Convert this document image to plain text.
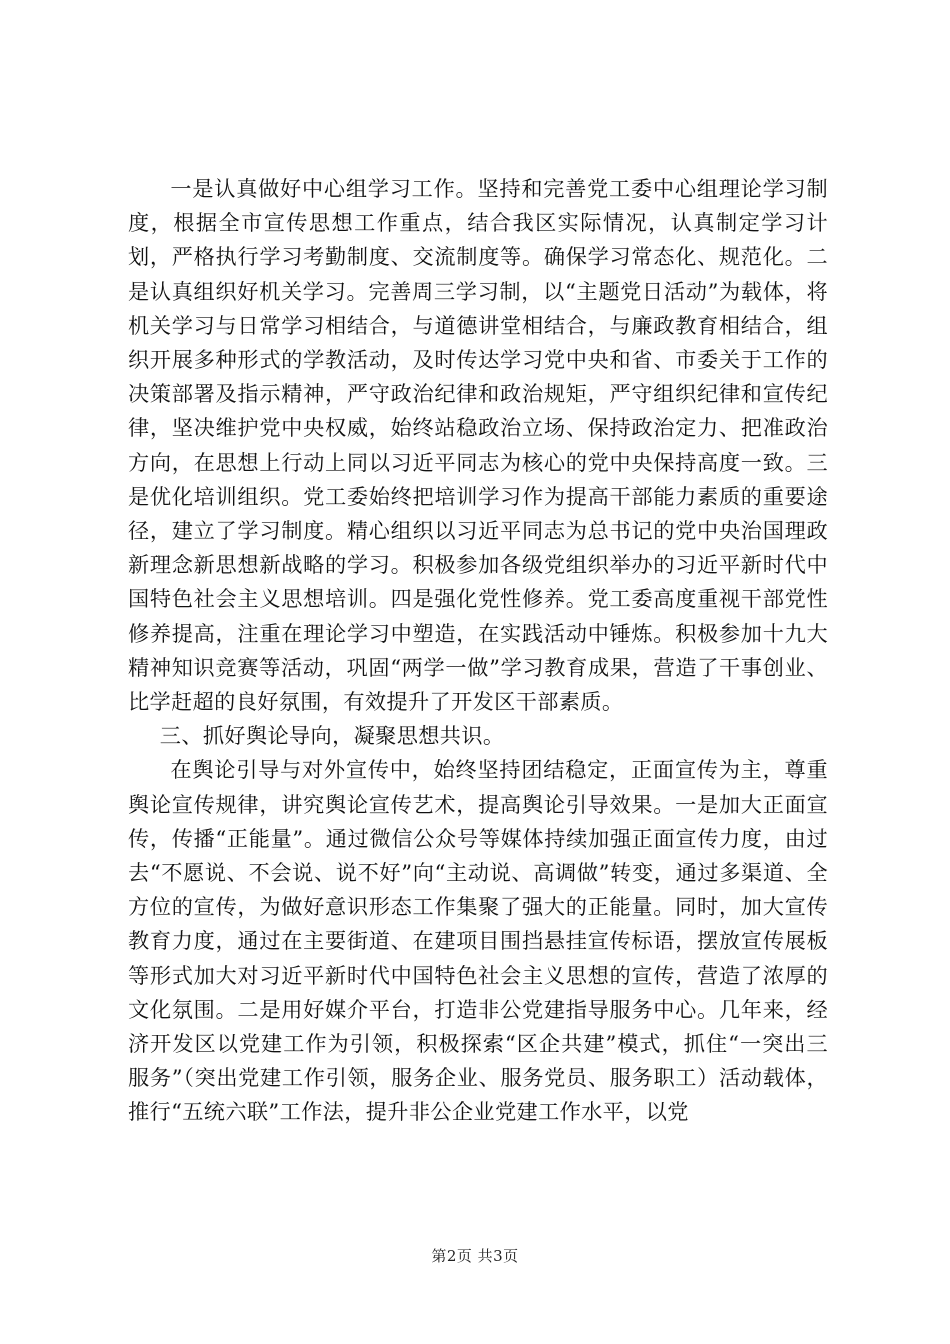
一是认真做好中心组学习工作。坚持和完善党工委中心组理论学习制度，根据全市宣传思想工作重点，结合我区实际情况，认真制定学习计划，严格执行学习考勤制度、交流制度等。确保学习常态化、规范化。二是认真组织好机关学习。完善周三学习制，以“主题党日活动”为载体，将机关学习与日常学习相结合，与道德讲堂相结合，与廉政教育相结合，组织开展多种形式的学教活动，及时传达学习党中央和省、市委关于工作的决策部署及指示精神，严守政治纪律和政治规矩，严守组织纪律和宣传纪律，坚决维护党中央权威，始终站稳政治立场、保持政治定力、把准政治方向，在思想上行动上同以习近平同志为核心的党中央保持高度一致。三是优化培训组织。党工委始终把培训学习作为提高干部能力素质的重要途径，建立了学习制度。精心组织以习近平同志为总书记的党中央治国理政新理念新思想新战略的学习。积极参加各级党组织举办的习近平新时代中国特色社会主义思想培训。四是强化党性修养。党工委高度重视干部党性修养提高，注重在理论学习中塑造，在实践活动中锤炼。积极参加十九大精神知识竞赛等活动，巩固“两学一做”学习教育成果，营造了干事创业、比学赶超的良好氛围，有效提升了开发区干部素质。

三、抓好舆论导向，凝聚思想共识。

在舆论引导与对外宣传中，始终坚持团结稳定，正面宣传为主，尊重舆论宣传规律，讲究舆论宣传艺术，提高舆论引导效果。一是加大正面宣传，传播“正能量”。通过微信公众号等媒体持续加强正面宣传力度，由过去“不愿说、不会说、说不好”向“主动说、高调做”转变，通过多渠道、全方位的宣传，为做好意识形态工作集聚了强大的正能量。同时，加大宣传教育力度，通过在主要街道、在建项目围挡悬挂宣传标语，摆放宣传展板等形式加大对习近平新时代中国特色社会主义思想的宣传，营造了浓厚的文化氛围。二是用好媒介平台，打造非公党建指导服务中心。几年来，经济开发区以党建工作为引领，积极探索“区企共建”模式，抓住“一突出三服务”（突出党建工作引领，服务企业、服务党员、服务职工）活动载体，推行“五统六联”工作法，提升非公企业党建工作水平，以党

第2页 共3页
